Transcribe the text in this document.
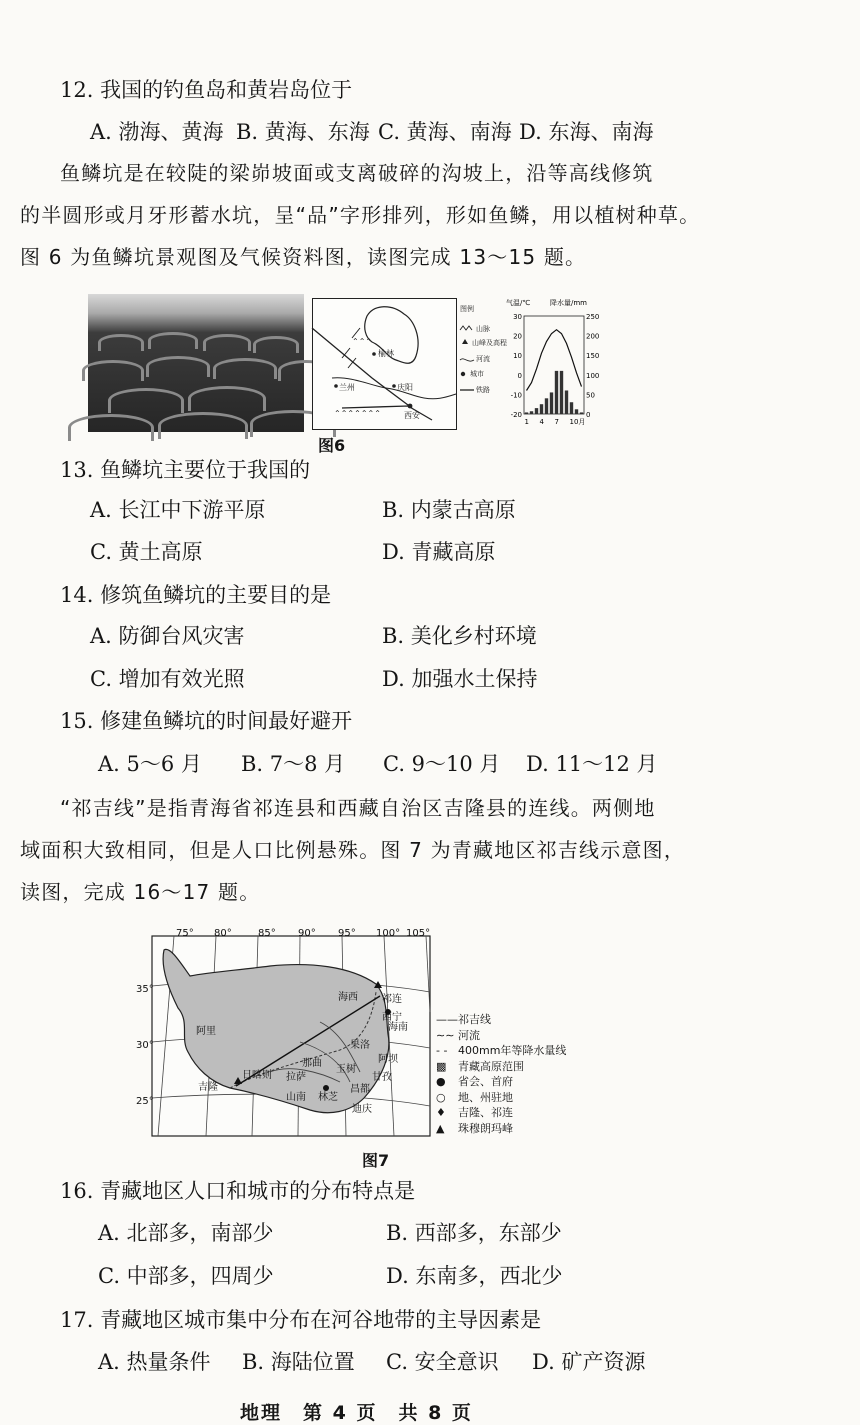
12. 我国的钓鱼岛和黄岩岛位于
A. 渤海、黄海 B. 黄海、东海 C. 黄海、南海 D. 东海、南海
鱼鳞坑是在较陡的梁峁坡面或支离破碎的沟坡上，沿等高线修筑
的半圆形或月牙形蓄水坑，呈“品”字形排列，形如鱼鳞，用以植树种草。
图 6 为鱼鳞坑景观图及气候资料图，读图完成 13～15 题。
⌃⌃⌃
⌃⌃⌃⌃⌃⌃⌃
榆林
兰州	庆阳
西安
图例
山脉
山峰及高程
河流
城市
铁路
气温/℃	降水量/mm
30
20
10
0
-10
-20
250
200
150
100
50
0
1 4 7 10月
图6
13. 鱼鳞坑主要位于我国的
A. 长江中下游平原	B. 内蒙古高原
C. 黄土高原	D. 青藏高原
14. 修筑鱼鳞坑的主要目的是
A. 防御台风灾害	B. 美化乡村环境
C. 增加有效光照	D. 加强水土保持
15. 修建鱼鳞坑的时间最好避开
A. 5～6 月 B. 7～8 月 C. 9～10 月 D. 11～12 月
“祁吉线”是指青海省祁连县和西藏自治区吉隆县的连线。两侧地
域面积大致相同，但是人口比例悬殊。图 7 为青藏地区祁吉线示意图，
读图，完成 16～17 题。
75° 80°	85° 90° 95° 100° 105°
35°
30°
25°
海西 祁连
西宁
海南
阿里
果洛
那曲	阿坝
玉树
甘孜
昌都
日喀则 拉萨
吉隆
山南 林芝
迪庆
——祁吉线
∼∼ 河流
- - 400mm年等降水量线
▩ 青藏高原范围
● 省会、首府
○ 地、州驻地
♦ 吉隆、祁连
▲ 珠穆朗玛峰
图7
16. 青藏地区人口和城市的分布特点是
A. 北部多，南部少	B. 西部多，东部少
C. 中部多，四周少	D. 东南多，西北少
17. 青藏地区城市集中分布在河谷地带的主导因素是
A. 热量条件 B. 海陆位置 C. 安全意识 D. 矿产资源
地理　第 4 页　共 8 页
